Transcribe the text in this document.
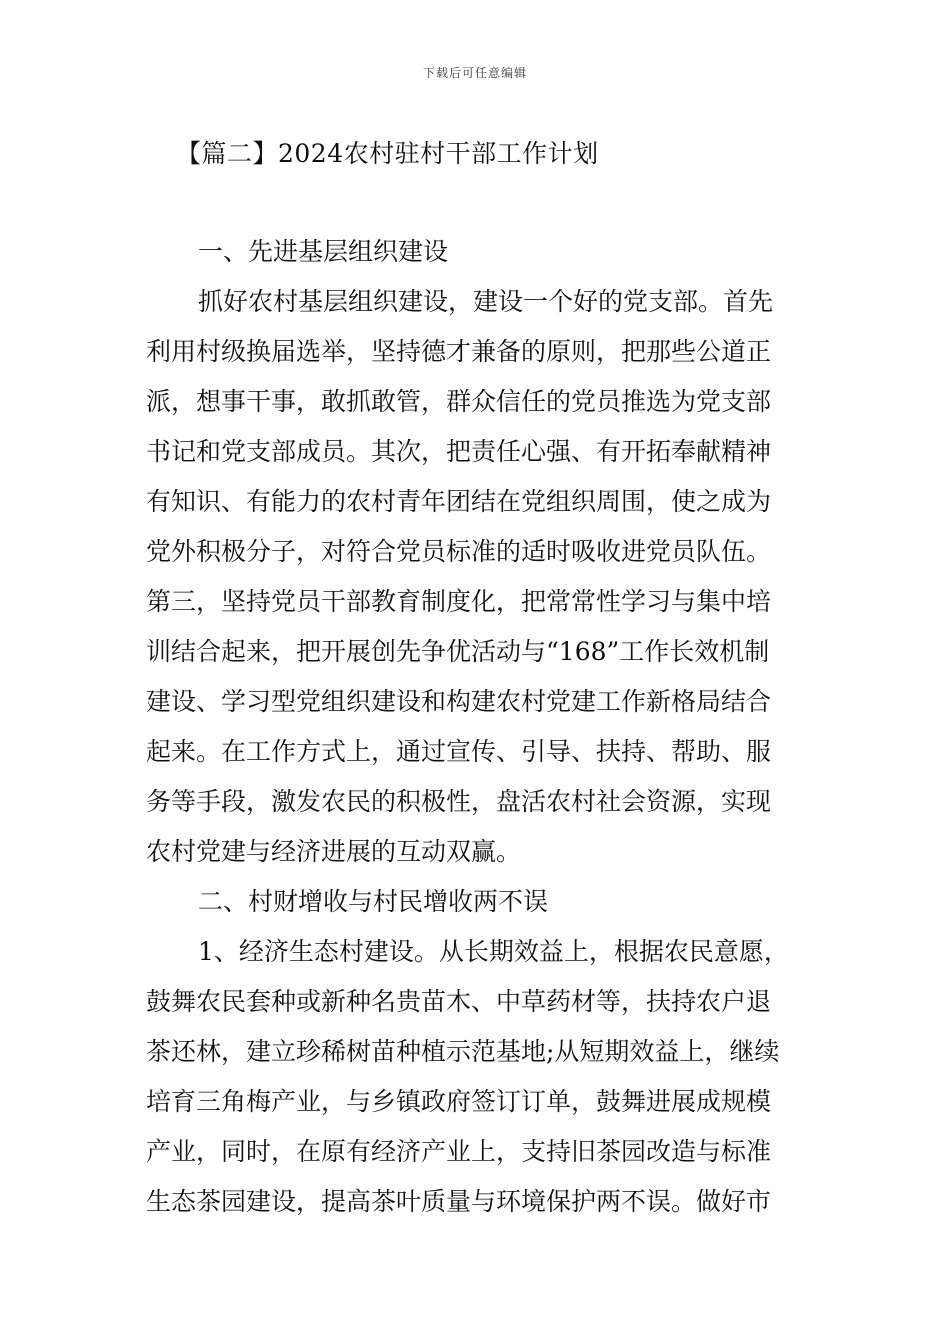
下载后可任意编辑
【篇二】2024农村驻村干部工作计划
一、先进基层组织建设
抓好农村基层组织建设，建设一个好的党支部。首先
利用村级换届选举，坚持德才兼备的原则，把那些公道正
派，想事干事，敢抓敢管，群众信任的党员推选为党支部
书记和党支部成员。其次，把责任心强、有开拓奉献精神
有知识、有能力的农村青年团结在党组织周围，使之成为
党外积极分子，对符合党员标准的适时吸收进党员队伍。
第三，坚持党员干部教育制度化，把常常性学习与集中培
训结合起来，把开展创先争优活动与“168”工作长效机制
建设、学习型党组织建设和构建农村党建工作新格局结合
起来。在工作方式上，通过宣传、引导、扶持、帮助、服
务等手段，激发农民的积极性，盘活农村社会资源，实现
农村党建与经济进展的互动双赢。
二、村财增收与村民增收两不误
1、经济生态村建设。从长期效益上，根据农民意愿，
鼓舞农民套种或新种名贵苗木、中草药材等，扶持农户退
茶还林，建立珍稀树苗种植示范基地;从短期效益上，继续
培育三角梅产业，与乡镇政府签订订单，鼓舞进展成规模
产业，同时，在原有经济产业上，支持旧茶园改造与标准
生态茶园建设，提高茶叶质量与环境保护两不误。做好市
